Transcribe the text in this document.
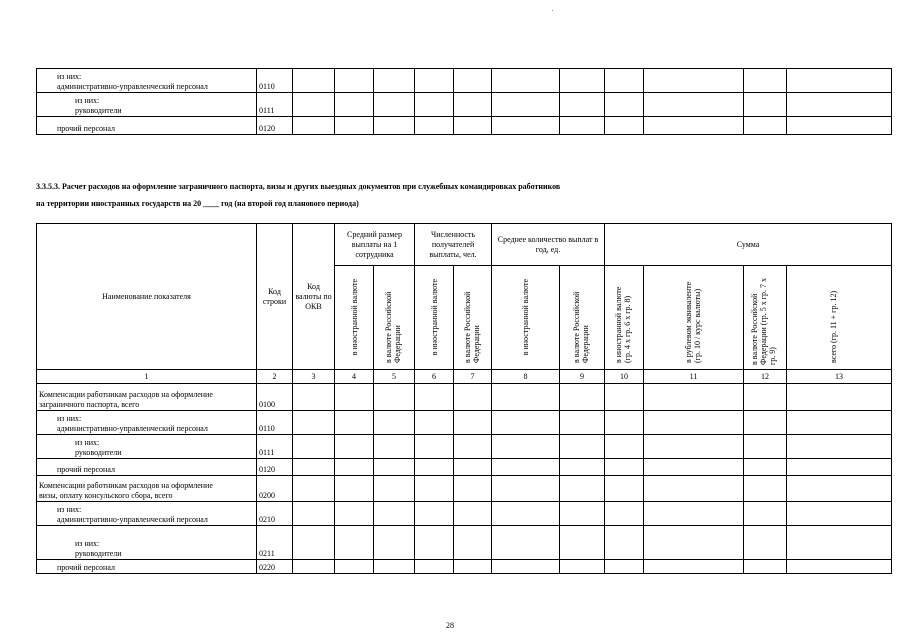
из них:
административно-управленческий персонал	0110											
из них:
руководители	0111											
прочий персонал	0120											
3.3.5.3. Расчет расходов на оформление заграничного паспорта, визы и других выездных документов при служебных командировках работников
на территории иностранных государств на 20 ____ год (на второй год планового периода)
Наименование показателя	Код строки	Код валюты по ОКВ	Средний размер выплаты на 1 сотрудника		Численность получателей выплаты, чел.		Среднее количество выплат в год, ед.		Сумма			

			в иностранной валюте	в валюте Российской Федерации	в иностранной валюте	в валюте Российской Федерации	в иностранной валюте	в валюте Российской Федерации	в иностранной валюте (гр. 4 х гр. 6 х гр. 8)	в рублевом эквиваленте (гр. 10 / курс валюты)	в валюте Российской Федерации (гр. 5 х гр. 7 х гр. 9)	всего (гр. 11 + гр. 12)

1	2	3	4	5	6	7	8	9	10	11	12	13
Компенсации работникам расходов на оформление
заграничного паспорта, всего	0100											
из них:
административно-управленческий персонал	0110											
из них:
руководители	0111											
прочий персонал	0120											
Компенсации работникам расходов на оформление
визы, оплату консульского сбора, всего	0200											
из них:
административно-управленческий персонал	0210											
из них:
руководители	0211											
прочий персонал	0220											
28
